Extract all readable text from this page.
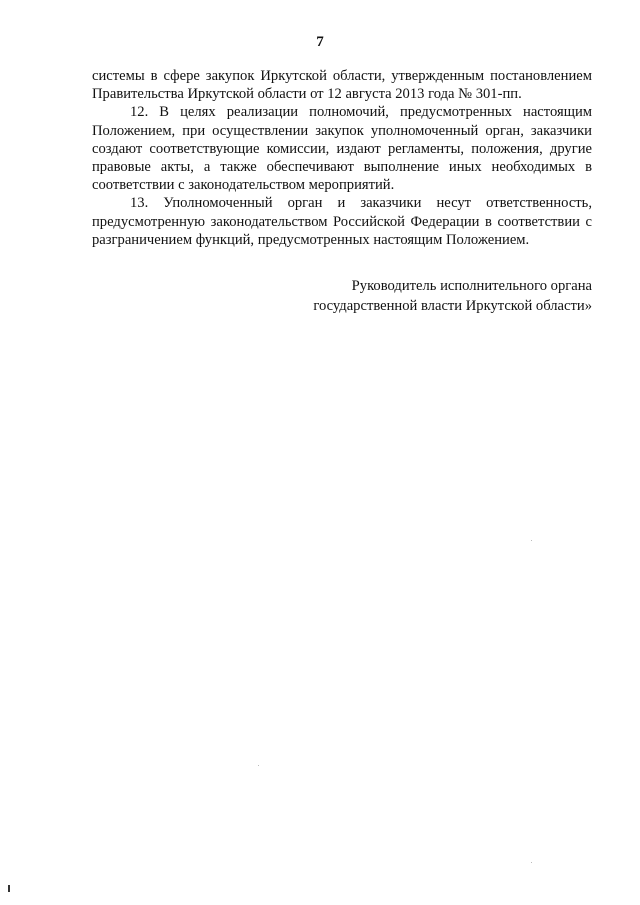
7

системы в сфере закупок Иркутской области, утвержденным постановлением Правительства Иркутской области от 12 августа 2013 года № 301-пп.

12. В целях реализации полномочий, предусмотренных настоящим Положением, при осуществлении закупок уполномоченный орган, заказчики создают соответствующие комиссии, издают регламенты, положения, другие правовые акты, а также обеспечивают выполнение иных необходимых в соответствии с законодательством мероприятий.

13. Уполномоченный орган и заказчики несут ответственность, предусмотренную законодательством Российской Федерации в соответствии с разграничением функций, предусмотренных настоящим Положением.

Руководитель исполнительного органа
государственной власти Иркутской области»
